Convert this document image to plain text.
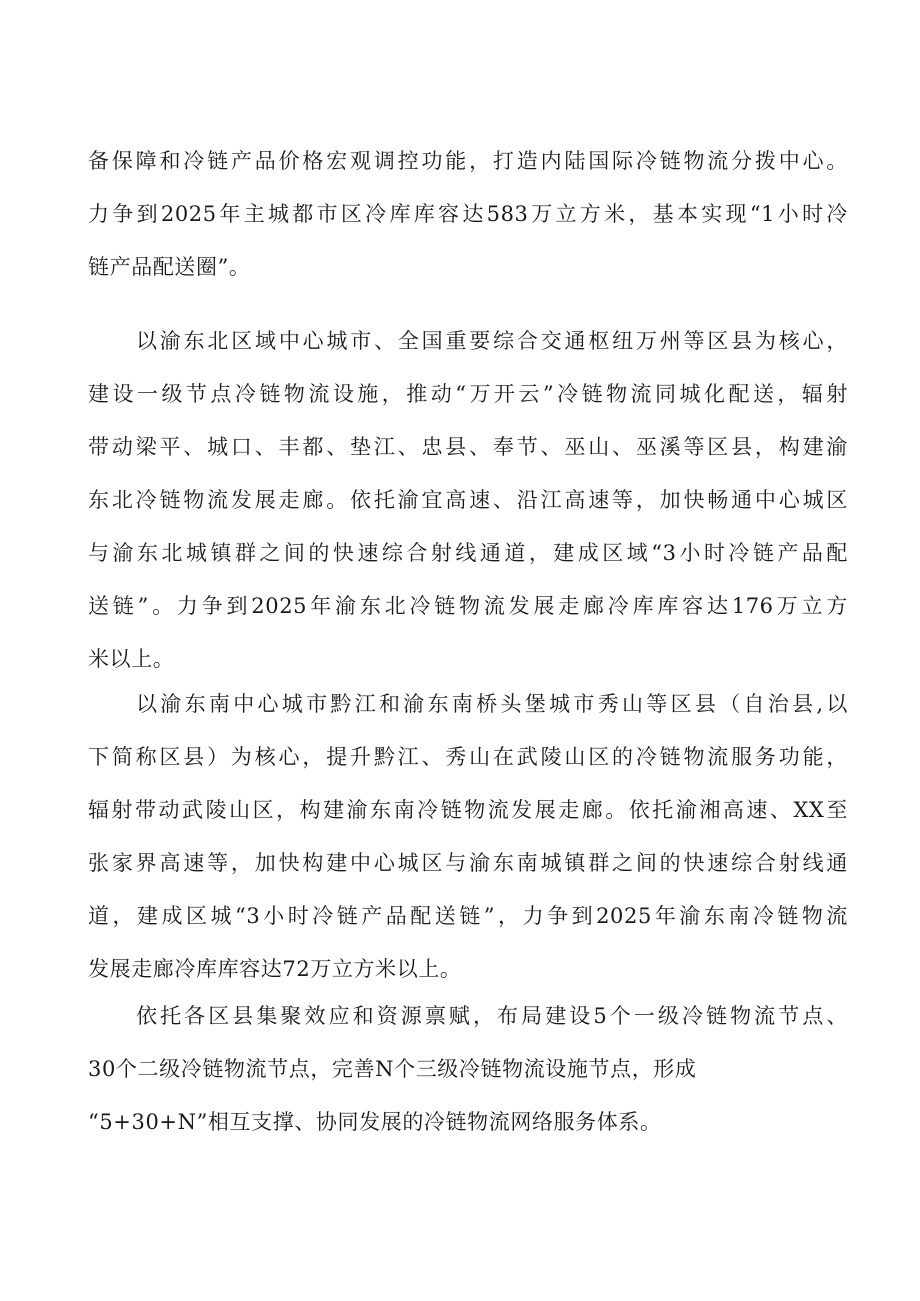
备保障和冷链产品价格宏观调控功能，打造内陆国际冷链物流分拨中心。
力争到2025年主城都市区冷库库容达583万立方米，基本实现“1小时冷
链产品配送圈”。
以渝东北区域中心城市、全国重要综合交通枢纽万州等区县为核心，
建设一级节点冷链物流设施，推动“万开云”冷链物流同城化配送，辐射
带动梁平、城口、丰都、垫江、忠县、奉节、巫山、巫溪等区县，构建渝
东北冷链物流发展走廊。依托渝宜高速、沿江高速等，加快畅通中心城区
与渝东北城镇群之间的快速综合射线通道，建成区域“3小时冷链产品配
送链”。力争到2025年渝东北冷链物流发展走廊冷库库容达176万立方
米以上。
以渝东南中心城市黔江和渝东南桥头堡城市秀山等区县（自治县,以
下简称区县）为核心，提升黔江、秀山在武陵山区的冷链物流服务功能，
辐射带动武陵山区，构建渝东南冷链物流发展走廊。依托渝湘高速、XX至
张家界高速等，加快构建中心城区与渝东南城镇群之间的快速综合射线通
道，建成区城“3小时冷链产品配送链”，力争到2025年渝东南冷链物流
发展走廊冷库库容达72万立方米以上。
依托各区县集聚效应和资源禀赋，布局建设5个一级冷链物流节点、
30个二级冷链物流节点，完善N个三级冷链物流设施节点，形成
“5+30+N”相互支撑、协同发展的冷链物流网络服务体系。
